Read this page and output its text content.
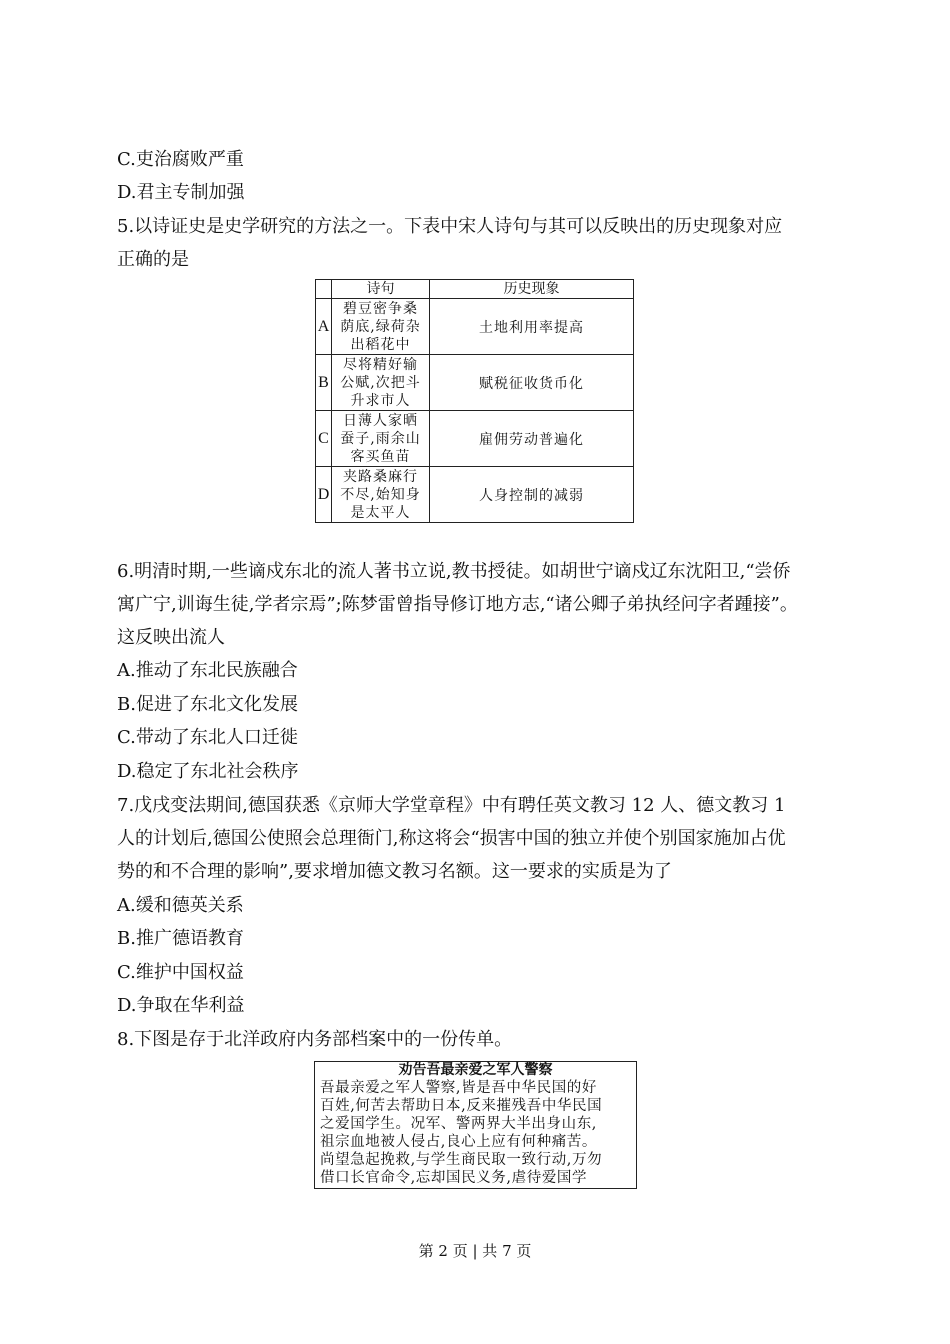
C.吏治腐败严重
D.君主专制加强
5.以诗证史是史学研究的方法之一。下表中宋人诗句与其可以反映出的历史现象对应
正确的是
	诗句	历史现象
A	碧豆密争桑
荫底,绿荷杂
出稻花中	土地利用率提高
B	尽将精好输
公赋,次把斗
升求市人	赋税征收货币化
C	日薄人家晒
蚕子,雨余山
客买鱼苗	雇佣劳动普遍化
D	夹路桑麻行
不尽,始知身
是太平人	人身控制的减弱
6.明清时期,一些谪戍东北的流人著书立说,教书授徒。如胡世宁谪戍辽东沈阳卫,“尝侨
寓广宁,训诲生徒,学者宗焉”;陈梦雷曾指导修订地方志,“诸公卿子弟执经问字者踵接”。
这反映出流人
A.推动了东北民族融合
B.促进了东北文化发展
C.带动了东北人口迁徙
D.稳定了东北社会秩序
7.戊戌变法期间,德国获悉《京师大学堂章程》中有聘任英文教习 12 人、德文教习 1
人的计划后,德国公使照会总理衙门,称这将会“损害中国的独立并使个别国家施加占优
势的和不合理的影响”,要求增加德文教习名额。这一要求的实质是为了
A.缓和德英关系
B.推广德语教育
C.维护中国权益
D.争取在华利益
8.下图是存于北洋政府内务部档案中的一份传单。
劝告吾最亲爱之军人警察
吾最亲爱之军人警察,皆是吾中华民国的好
百姓,何苦去帮助日本,反来摧残吾中华民国
之爱国学生。况军、警两界大半出身山东,
祖宗血地被人侵占,良心上应有何种痛苦。
尚望急起挽救,与学生商民取一致行动,万勿
借口长官命令,忘却国民义务,虐待爱国学
第 2 页 | 共 7 页
